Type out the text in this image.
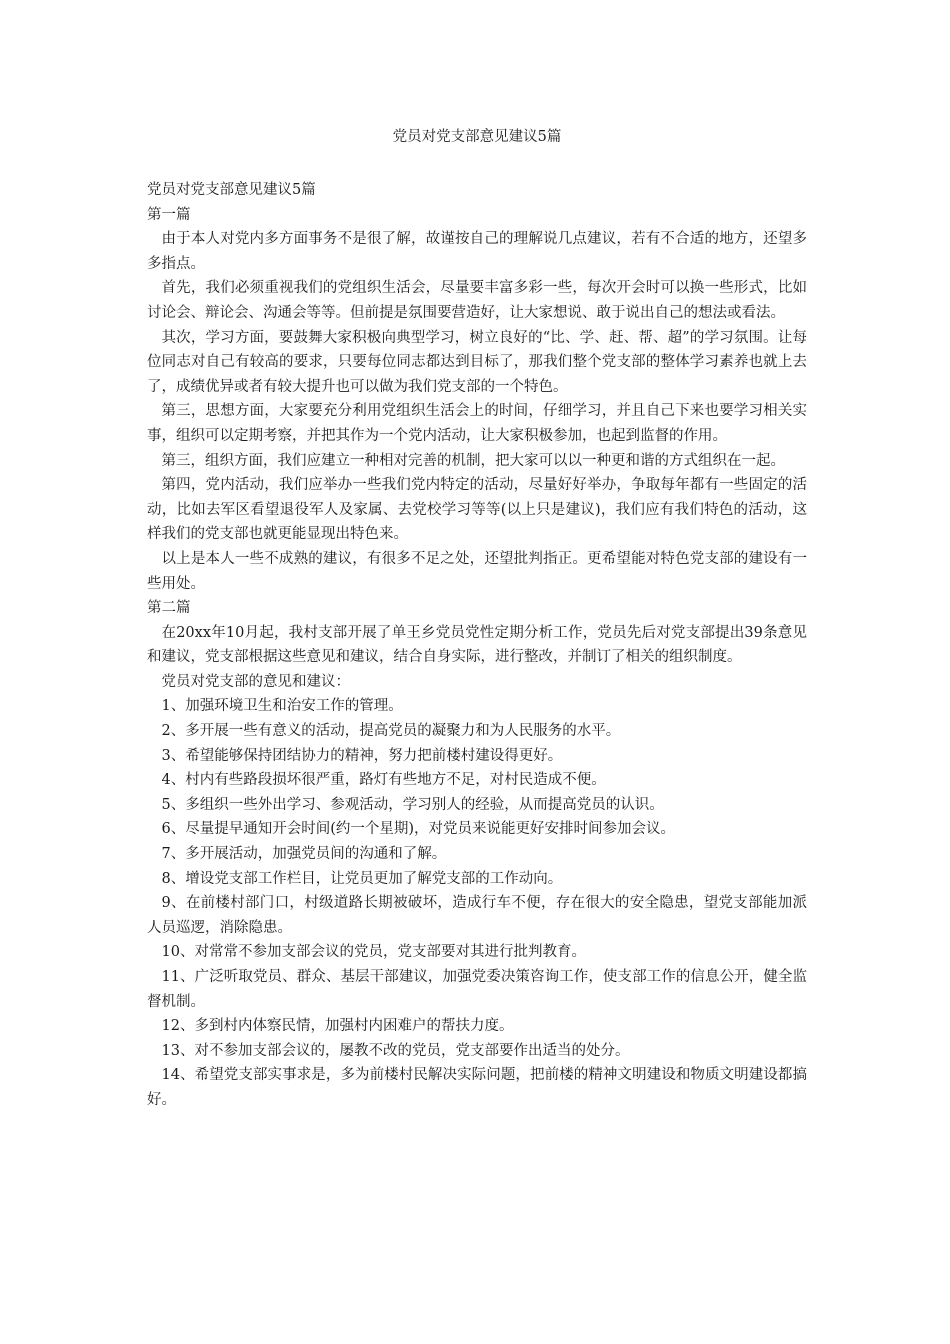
党员对党支部意见建议5篇

党员对党支部意见建议5篇

第一篇

由于本人对党内多方面事务不是很了解，故谨按自己的理解说几点建议，若有不合适的地方，还望多多指点。

首先，我们必须重视我们的党组织生活会，尽量要丰富多彩一些，每次开会时可以换一些形式，比如讨论会、辩论会、沟通会等等。但前提是氛围要营造好，让大家想说、敢于说出自己的想法或看法。

其次，学习方面，要鼓舞大家积极向典型学习，树立良好的“比、学、赶、帮、超”的学习氛围。让每位同志对自己有较高的要求，只要每位同志都达到目标了，那我们整个党支部的整体学习素养也就上去了，成绩优异或者有较大提升也可以做为我们党支部的一个特色。

第三，思想方面，大家要充分利用党组织生活会上的时间，仔细学习，并且自己下来也要学习相关实事，组织可以定期考察，并把其作为一个党内活动，让大家积极参加，也起到监督的作用。

第三，组织方面，我们应建立一种相对完善的机制，把大家可以以一种更和谐的方式组织在一起。

第四，党内活动，我们应举办一些我们党内特定的活动，尽量好好举办，争取每年都有一些固定的活动，比如去军区看望退役军人及家属、去党校学习等等(以上只是建议)，我们应有我们特色的活动，这样我们的党支部也就更能显现出特色来。

以上是本人一些不成熟的建议，有很多不足之处，还望批判指正。更希望能对特色党支部的建设有一些用处。

第二篇

在20xx年10月起，我村支部开展了单王乡党员党性定期分析工作，党员先后对党支部提出39条意见和建议，党支部根据这些意见和建议，结合自身实际，进行整改，并制订了相关的组织制度。

党员对党支部的意见和建议：

1、加强环境卫生和治安工作的管理。

2、多开展一些有意义的活动，提高党员的凝聚力和为人民服务的水平。

3、希望能够保持团结协力的精神，努力把前楼村建设得更好。

4、村内有些路段损坏很严重，路灯有些地方不足，对村民造成不便。

5、多组织一些外出学习、参观活动，学习别人的经验，从而提高党员的认识。

6、尽量提早通知开会时间(约一个星期)，对党员来说能更好安排时间参加会议。

7、多开展活动，加强党员间的沟通和了解。

8、增设党支部工作栏目，让党员更加了解党支部的工作动向。

9、在前楼村部门口，村级道路长期被破坏，造成行车不便，存在很大的安全隐患，望党支部能加派人员巡逻，消除隐患。

10、对常常不参加支部会议的党员，党支部要对其进行批判教育。

11、广泛听取党员、群众、基层干部建议，加强党委决策咨询工作，使支部工作的信息公开，健全监督机制。

12、多到村内体察民情，加强村内困难户的帮扶力度。

13、对不参加支部会议的，屡教不改的党员，党支部要作出适当的处分。

14、希望党支部实事求是，多为前楼村民解决实际问题，把前楼的精神文明建设和物质文明建设都搞好。
